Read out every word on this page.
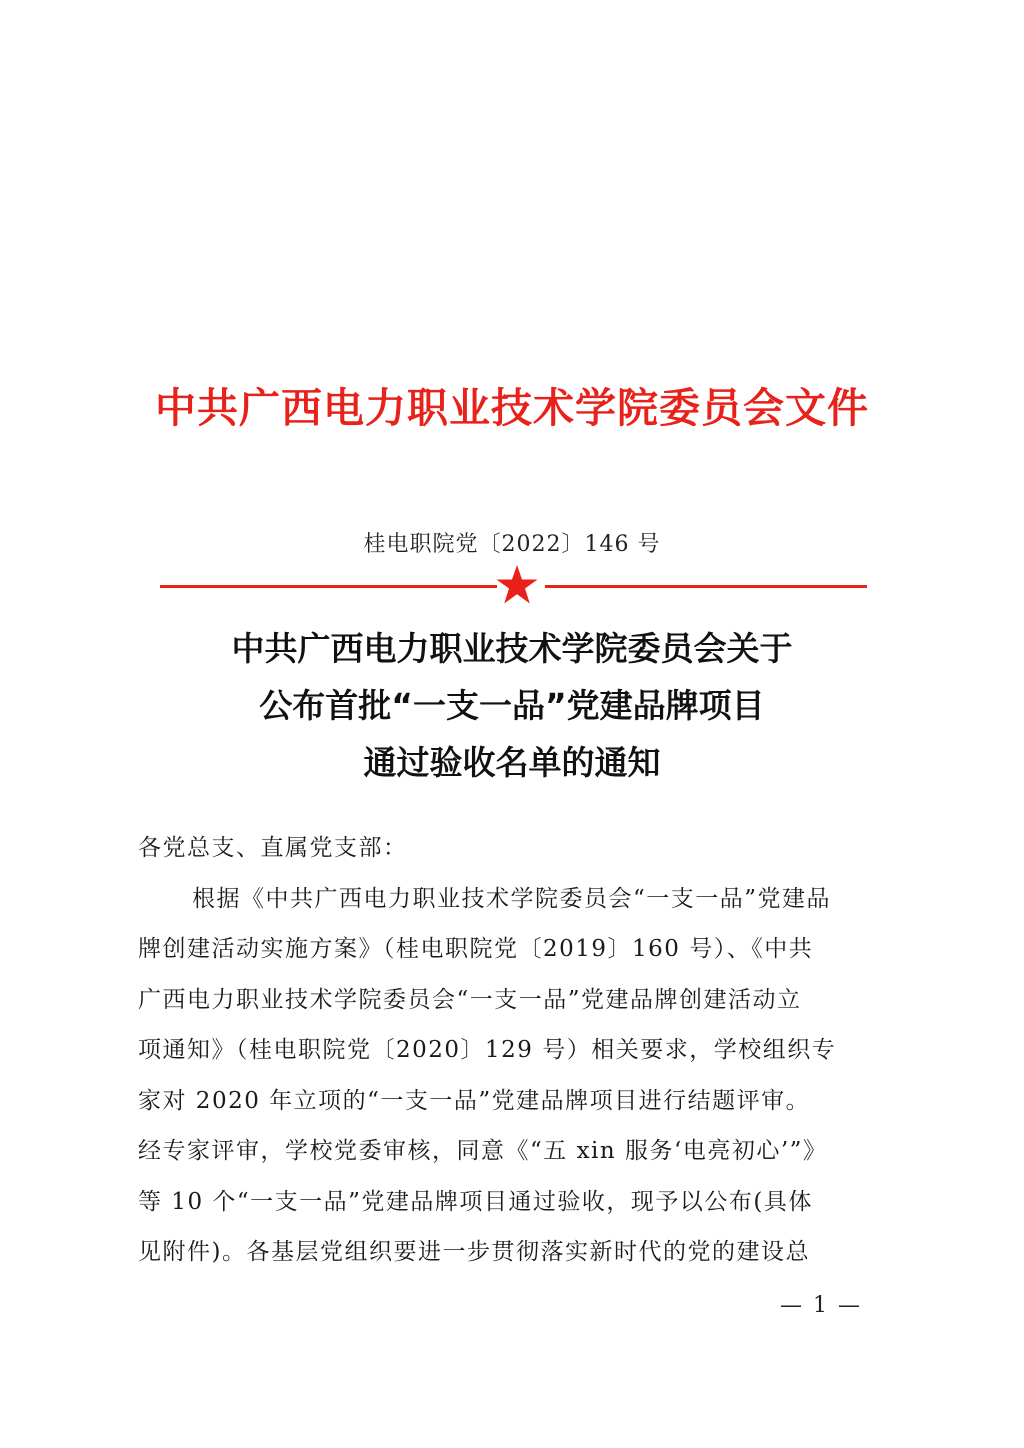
中共广西电力职业技术学院委员会文件
桂电职院党〔2022〕146 号
中共广西电力职业技术学院委员会关于
公布首批“一支一品”党建品牌项目
通过验收名单的通知

各党总支、直属党支部：

根据《中共广西电力职业技术学院委员会“一支一品”党建品

牌创建活动实施方案》（桂电职院党〔2019〕160 号）、《中共

广西电力职业技术学院委员会“一支一品”党建品牌创建活动立

项通知》（桂电职院党〔2020〕129 号）相关要求，学校组织专

家对 2020 年立项的“一支一品”党建品牌项目进行结题评审。

经专家评审，学校党委审核，同意《“五 xin 服务‘电亮初心’”》

等 10 个“一支一品”党建品牌项目通过验收，现予以公布(具体

见附件)。各基层党组织要进一步贯彻落实新时代的党的建设总

— 1 —
